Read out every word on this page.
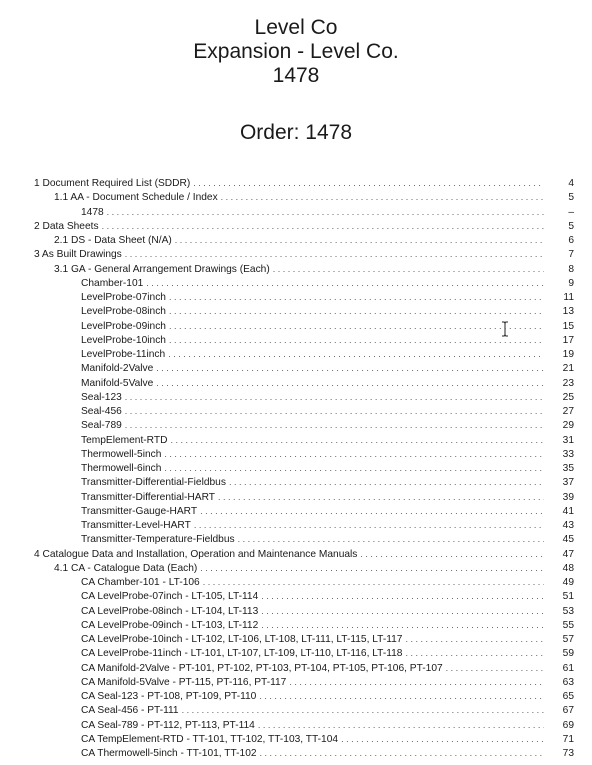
Level Co
Expansion - Level Co.
1478
Order: 1478
1 Document Required List (SDDR) . . .	4
1.1 AA - Document Schedule / Index . . .	5
1478 . . .	–
2 Data Sheets . . .	5
2.1 DS - Data Sheet (N/A) . . .	6
3 As Built Drawings . . .	7
3.1 GA - General Arrangement Drawings (Each) . . .	8
Chamber-101 . . .	9
LevelProbe-07inch . . .	11
LevelProbe-08inch . . .	13
LevelProbe-09inch . . .	15
LevelProbe-10inch . . .	17
LevelProbe-11inch . . .	19
Manifold-2Valve . . .	21
Manifold-5Valve . . .	23
Seal-123 . . .	25
Seal-456 . . .	27
Seal-789 . . .	29
TempElement-RTD . . .	31
Thermowell-5inch . . .	33
Thermowell-6inch . . .	35
Transmitter-Differential-Fieldbus . . .	37
Transmitter-Differential-HART . . .	39
Transmitter-Gauge-HART . . .	41
Transmitter-Level-HART . . .	43
Transmitter-Temperature-Fieldbus . . .	45
4 Catalogue Data and Installation, Operation and Maintenance Manuals . . .	47
4.1 CA - Catalogue Data (Each) . . .	48
CA Chamber-101 - LT-106 . . .	49
CA LevelProbe-07inch - LT-105, LT-114 . . .	51
CA LevelProbe-08inch - LT-104, LT-113 . . .	53
CA LevelProbe-09inch - LT-103, LT-112 . . .	55
CA LevelProbe-10inch - LT-102, LT-106, LT-108, LT-111, LT-115, LT-117 . . .	57
CA LevelProbe-11inch - LT-101, LT-107, LT-109, LT-110, LT-116, LT-118 . . .	59
CA Manifold-2Valve - PT-101, PT-102, PT-103, PT-104, PT-105, PT-106, PT-107 . . .	61
CA Manifold-5Valve - PT-115, PT-116, PT-117 . . .	63
CA Seal-123 - PT-108, PT-109, PT-110 . . .	65
CA Seal-456 - PT-111 . . .	67
CA Seal-789 - PT-112, PT-113, PT-114 . . .	69
CA TempElement-RTD - TT-101, TT-102, TT-103, TT-104 . . .	71
CA Thermowell-5inch - TT-101, TT-102 . . .	73
